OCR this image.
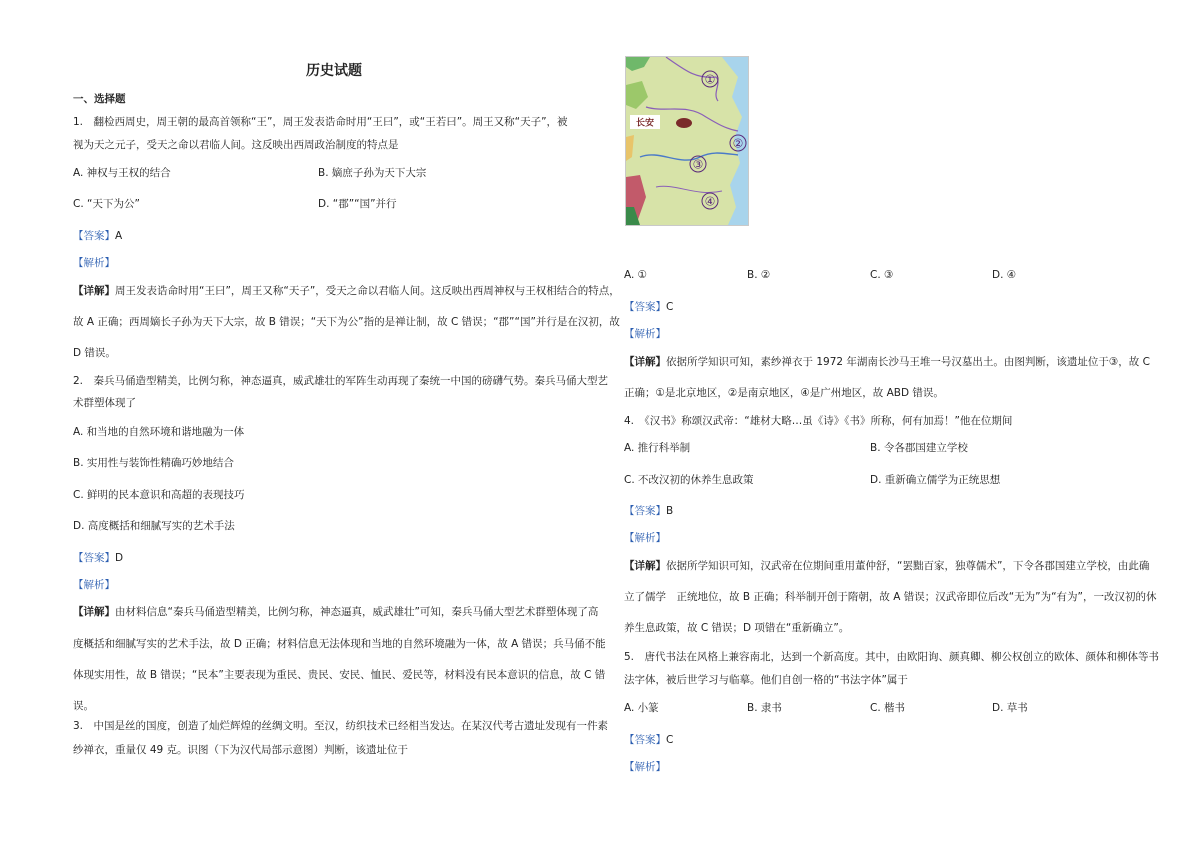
历史试题
一、选择题
1.　翻检西周史，周王朝的最高首领称“王”，周王发表诰命时用“王曰”，或“王若曰”。周王又称“天子”，被
视为天之元子，受天之命以君临人间。这反映出西周政治制度的特点是
A. 神权与王权的结合	B. 嫡庶子孙为天下大宗
C. “天下为公”	D. “郡”“国”并行
【答案】A
【解析】
【详解】周王发表诰命时用“王曰”，周王又称“天子”，受天之命以君临人间。这反映出西周神权与王权相结合的特点，
故 A 正确；西周嫡长子孙为天下大宗，故 B 错误；“天下为公”指的是禅让制，故 C 错误；“郡”“国”并行是在汉初，故
D 错误。
2.　秦兵马俑造型精美，比例匀称，神态逼真，威武雄壮的军阵生动再现了秦统一中国的磅礴气势。秦兵马俑大型艺
术群塑体现了
A. 和当地的自然环境和谐地融为一体
B. 实用性与装饰性精确巧妙地结合
C. 鲜明的民本意识和高超的表现技巧
D. 高度概括和细腻写实的艺术手法
【答案】D
【解析】
【详解】由材料信息“秦兵马俑造型精美，比例匀称，神态逼真，威武雄壮”可知，秦兵马俑大型艺术群塑体现了高
度概括和细腻写实的艺术手法，故 D 正确；材料信息无法体现和当地的自然环境融为一体，故 A 错误；兵马俑不能
体现实用性，故 B 错误；“民本”主要表现为重民、贵民、安民、恤民、爱民等，材料没有民本意识的信息，故 C 错
误。
3.　中国是丝的国度，创造了灿烂辉煌的丝绸文明。至汉，纺织技术已经相当发达。在某汉代考古遗址发现有一件素
纱禅衣，重量仅 49 克。识图（下为汉代局部示意图）判断，该遗址位于
长安
①
②
③
④
A. ①	B. ②	C. ③	D. ④
【答案】C
【解析】
【详解】依据所学知识可知，素纱禅衣于 1972 年湖南长沙马王堆一号汉墓出土。由图判断，该遗址位于③，故 C
正确；①是北京地区，②是南京地区，④是广州地区，故 ABD 错误。
4.　《汉书》称颂汉武帝：“雄材大略…虽《诗》《书》所称，何有加焉！”他在位期间
A. 推行科举制	B. 令各郡国建立学校
C. 不改汉初的休养生息政策	D. 重新确立儒学为正统思想
【答案】B
【解析】
【详解】依据所学知识可知，汉武帝在位期间重用董仲舒，“罢黜百家，独尊儒术”，下令各郡国建立学校，由此确
立了儒学　正统地位，故 B 正确；科举制开创于隋朝，故 A 错误；汉武帝即位后改“无为”为“有为”，一改汉初的休
养生息政策，故 C 错误；D 项错在“重新确立”。
5.　唐代书法在风格上兼容南北，达到一个新高度。其中，由欧阳询、颜真卿、柳公权创立的欧体、颜体和柳体等书
法字体，被后世学习与临摹。他们自创一格的“书法字体”属于
A. 小篆	B. 隶书	C. 楷书	D. 草书
【答案】C
【解析】
